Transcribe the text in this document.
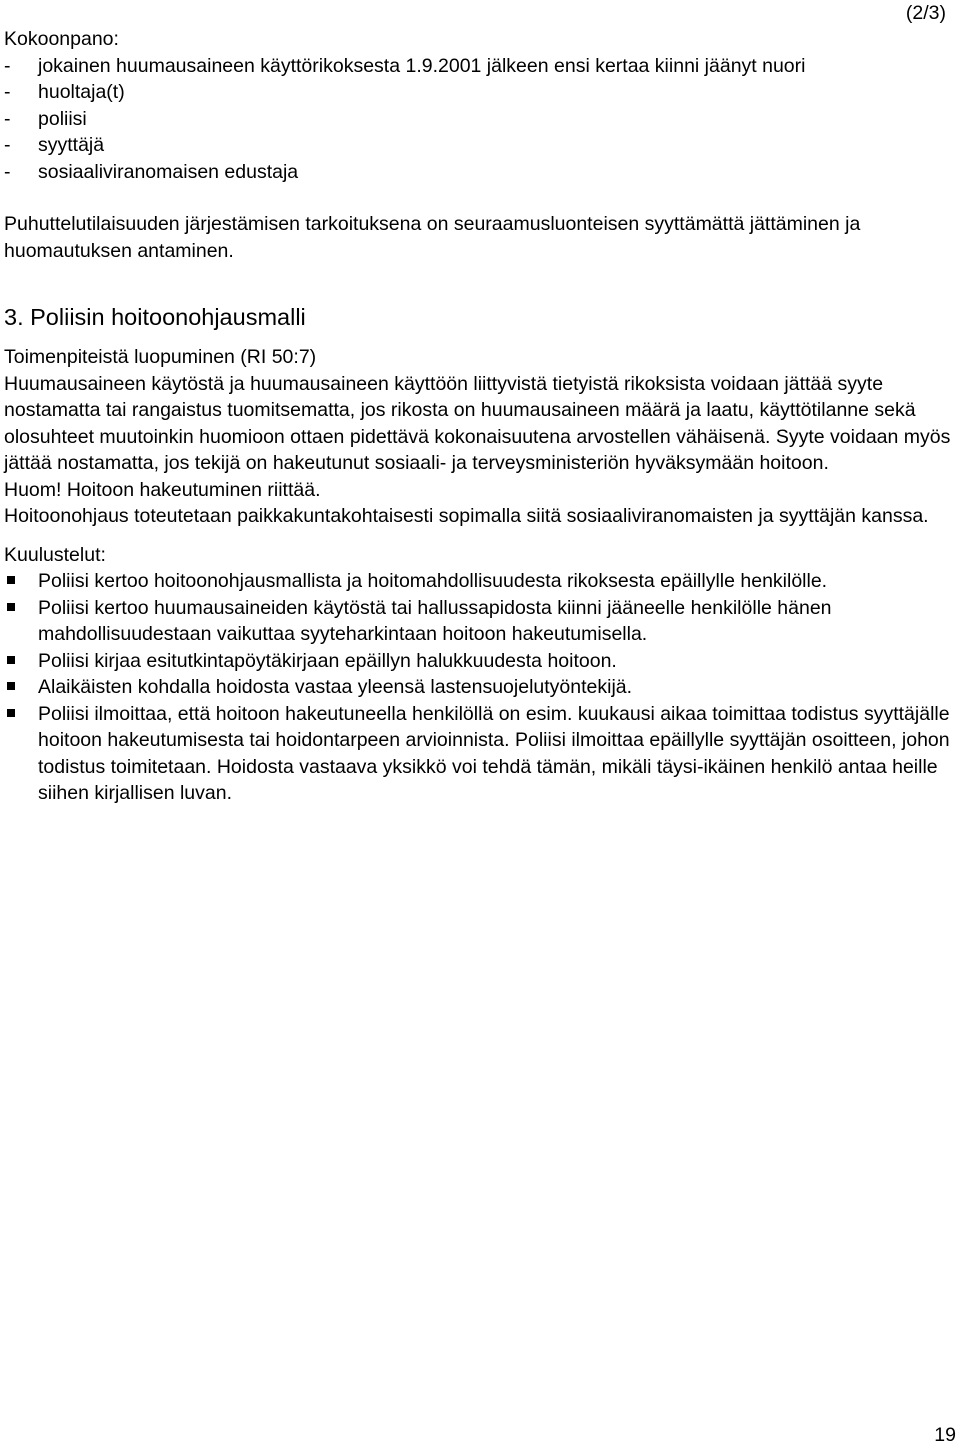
(2/3)
Kokoonpano:
-	jokainen huumausaineen käyttörikoksesta 1.9.2001 jälkeen ensi kertaa kiinni jäänyt nuori
-	huoltaja(t)
-	poliisi
-	syyttäjä
-	sosiaaliviranomaisen edustaja

Puhuttelutilaisuuden järjestämisen tarkoituksena on seuraamusluonteisen syyttämättä jättäminen ja huomautuksen antaminen.

3. Poliisin hoitoonohjausmalli
Toimenpiteistä luopuminen (RI 50:7)

Huumausaineen käytöstä ja huumausaineen käyttöön liittyvistä tietyistä rikoksista voidaan jättää syyte nostamatta tai rangaistus tuomitsematta, jos rikosta on huumausaineen määrä ja laatu, käyttötilanne sekä olosuhteet muutoinkin huomioon ottaen pidettävä kokonaisuutena arvostellen vähäisenä. Syyte voidaan myös jättää nostamatta, jos tekijä on hakeutunut sosiaali- ja terveysministeriön hyväksymään hoitoon.

Huom! Hoitoon hakeutuminen riittää.

Hoitoonohjaus toteutetaan paikkakuntakohtaisesti sopimalla siitä sosiaaliviranomaisten ja syyttäjän kanssa.

Kuulustelut:
Poliisi kertoo hoitoonohjausmallista ja hoitomahdollisuudesta rikoksesta epäillylle henkilölle.
Poliisi kertoo huumausaineiden käytöstä tai hallussapidosta kiinni jääneelle henkilölle hänen mahdollisuudestaan vaikuttaa syyteharkintaan hoitoon hakeutumisella.
Poliisi kirjaa esitutkintapöytäkirjaan epäillyn halukkuudesta hoitoon.
Alaikäisten kohdalla hoidosta vastaa yleensä lastensuojelutyöntekijä.
Poliisi ilmoittaa, että hoitoon hakeutuneella henkilöllä on esim. kuukausi aikaa toimittaa todistus syyttäjälle hoitoon hakeutumisesta tai hoidontarpeen arvioinnista. Poliisi ilmoittaa epäillylle syyttäjän osoitteen, johon todistus toimitetaan. Hoidosta vastaava yksikkö voi tehdä tämän, mikäli täysi-ikäinen henkilö antaa heille siihen kirjallisen luvan.
19
